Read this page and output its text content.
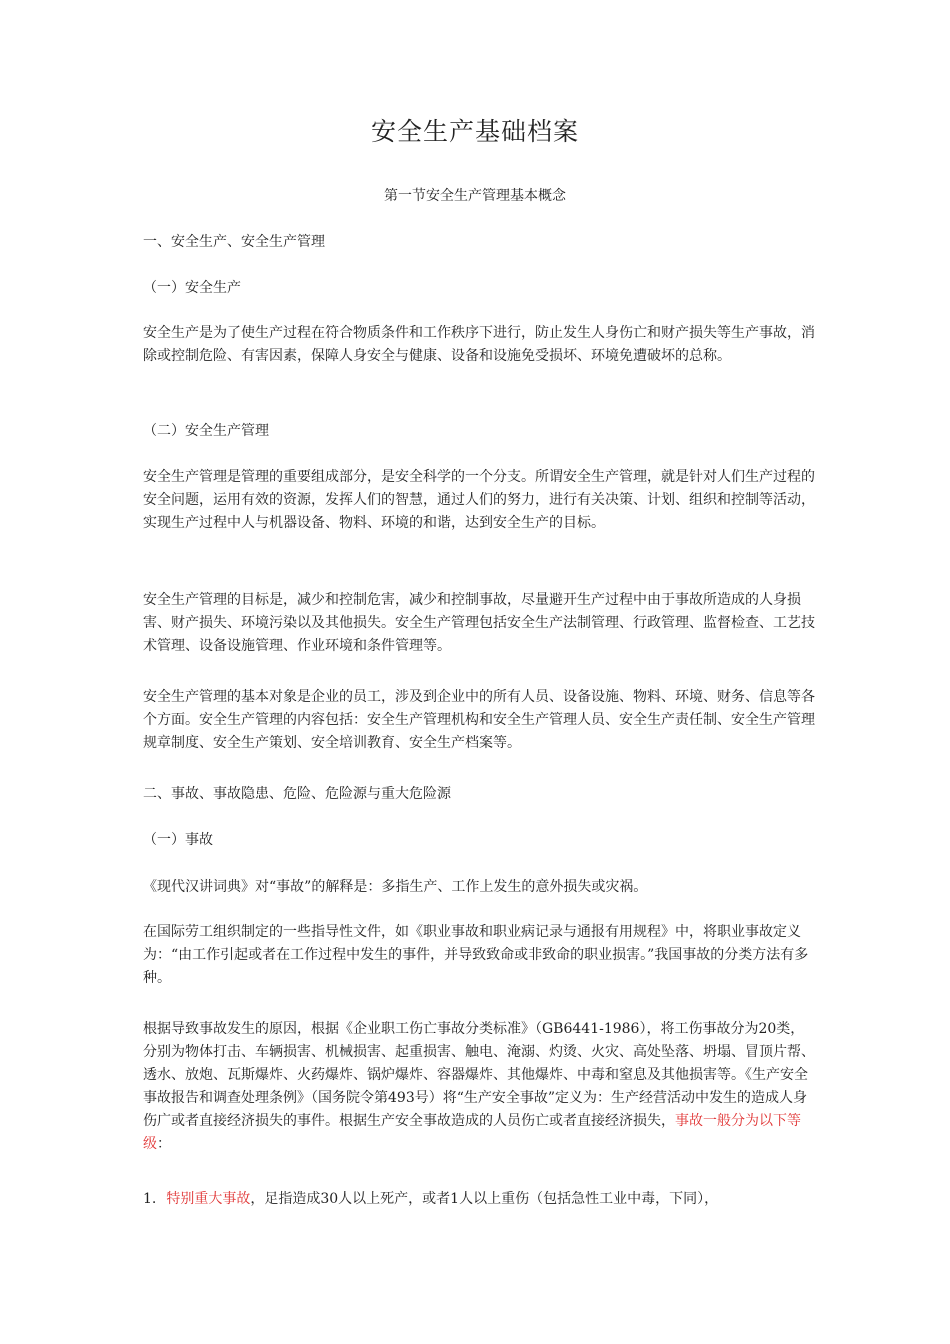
安全生产基础档案
第一节安全生产管理基本概念

一、安全生产、安全生产管理

（一）安全生产

安全生产是为了使生产过程在符合物质条件和工作秩序下进行，防止发生人身伤亡和财产损失等生产事故，消除或控制危险、有害因素，保障人身安全与健康、设备和设施免受损坏、环境免遭破坏的总称。

（二）安全生产管理

安全生产管理是管理的重要组成部分，是安全科学的一个分支。所谓安全生产管理，就是针对人们生产过程的安全问题，运用有效的资源，发挥人们的智慧，通过人们的努力，进行有关决策、计划、组织和控制等活动，实现生产过程中人与机器设备、物料、环境的和谐，达到安全生产的目标。

安全生产管理的目标是，减少和控制危害，减少和控制事故，尽量避开生产过程中由于事故所造成的人身损害、财产损失、环境污染以及其他损失。安全生产管理包括安全生产法制管理、行政管理、监督检查、工艺技术管理、设备设施管理、作业环境和条件管理等。

安全生产管理的基本对象是企业的员工，涉及到企业中的所有人员、设备设施、物料、环境、财务、信息等各个方面。安全生产管理的内容包括：安全生产管理机构和安全生产管理人员、安全生产责任制、安全生产管理规章制度、安全生产策划、安全培训教育、安全生产档案等。

二、事故、事故隐患、危险、危险源与重大危险源

（一）事故

《现代汉讲词典》对“事故”的解释是：多指生产、工作上发生的意外损失或灾祸。

在国际劳工组织制定的一些指导性文件，如《职业事故和职业病记录与通报有用规程》中，将职业事故定义为：“由工作引起或者在工作过程中发生的事件，并导致致命或非致命的职业损害。”我国事故的分类方法有多种。

根据导致事故发生的原因，根据《企业职工伤亡事故分类标准》（GB6441-1986），将工伤事故分为20类，分别为物体打击、车辆损害、机械损害、起重损害、触电、淹溺、灼烫、火灾、高处坠落、坍塌、冒顶片帮、透水、放炮、瓦斯爆炸、火药爆炸、锅炉爆炸、容器爆炸、其他爆炸、中毒和窒息及其他损害等。《生产安全事故报告和调查处理条例》（国务院令第493号）将“生产安全事故”定义为：生产经营活动中发生的造成人身伤广或者直接经济损失的事件。根据生产安全事故造成的人员伤亡或者直接经济损失，事故一般分为以下等级：

1. 特别重大事故，足指造成30人以上死产，或者1人以上重伤（包括急性工业中毒，下同），
